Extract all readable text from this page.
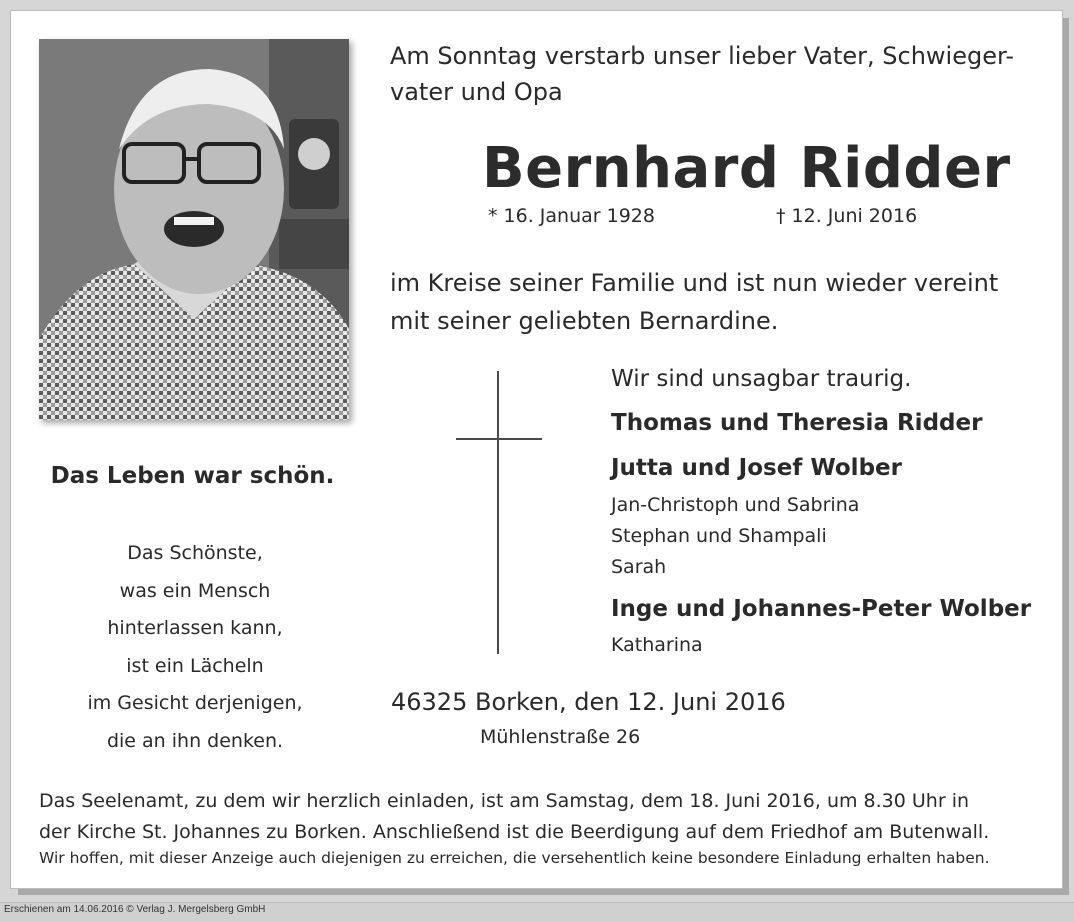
Am Sonntag verstarb unser lieber Vater, Schwieger-
vater und Opa
Bernhard Ridder
* 16. Januar 1928	† 12. Juni 2016
im Kreise seiner Familie und ist nun wieder vereint
mit seiner geliebten Bernardine.
Wir sind unsagbar traurig.
Thomas und Theresia Ridder
Jutta und Josef Wolber
Jan-Christoph und Sabrina
Stephan und Shampali
Sarah
Inge und Johannes-Peter Wolber
Katharina
Das Leben war schön.
Das Schönste,
was ein Mensch
hinterlassen kann,
ist ein Lächeln
im Gesicht derjenigen,
die an ihn denken.
46325 Borken, den 12. Juni 2016
Mühlenstraße 26
Das Seelenamt, zu dem wir herzlich einladen, ist am Samstag, dem 18. Juni 2016, um 8.30 Uhr in
der Kirche St. Johannes zu Borken. Anschließend ist die Beerdigung auf dem Friedhof am Butenwall.
Wir hoffen, mit dieser Anzeige auch diejenigen zu erreichen, die versehentlich keine besondere Einladung erhalten haben.
Erschienen am 14.06.2016 © Verlag J. Mergelsberg GmbH
